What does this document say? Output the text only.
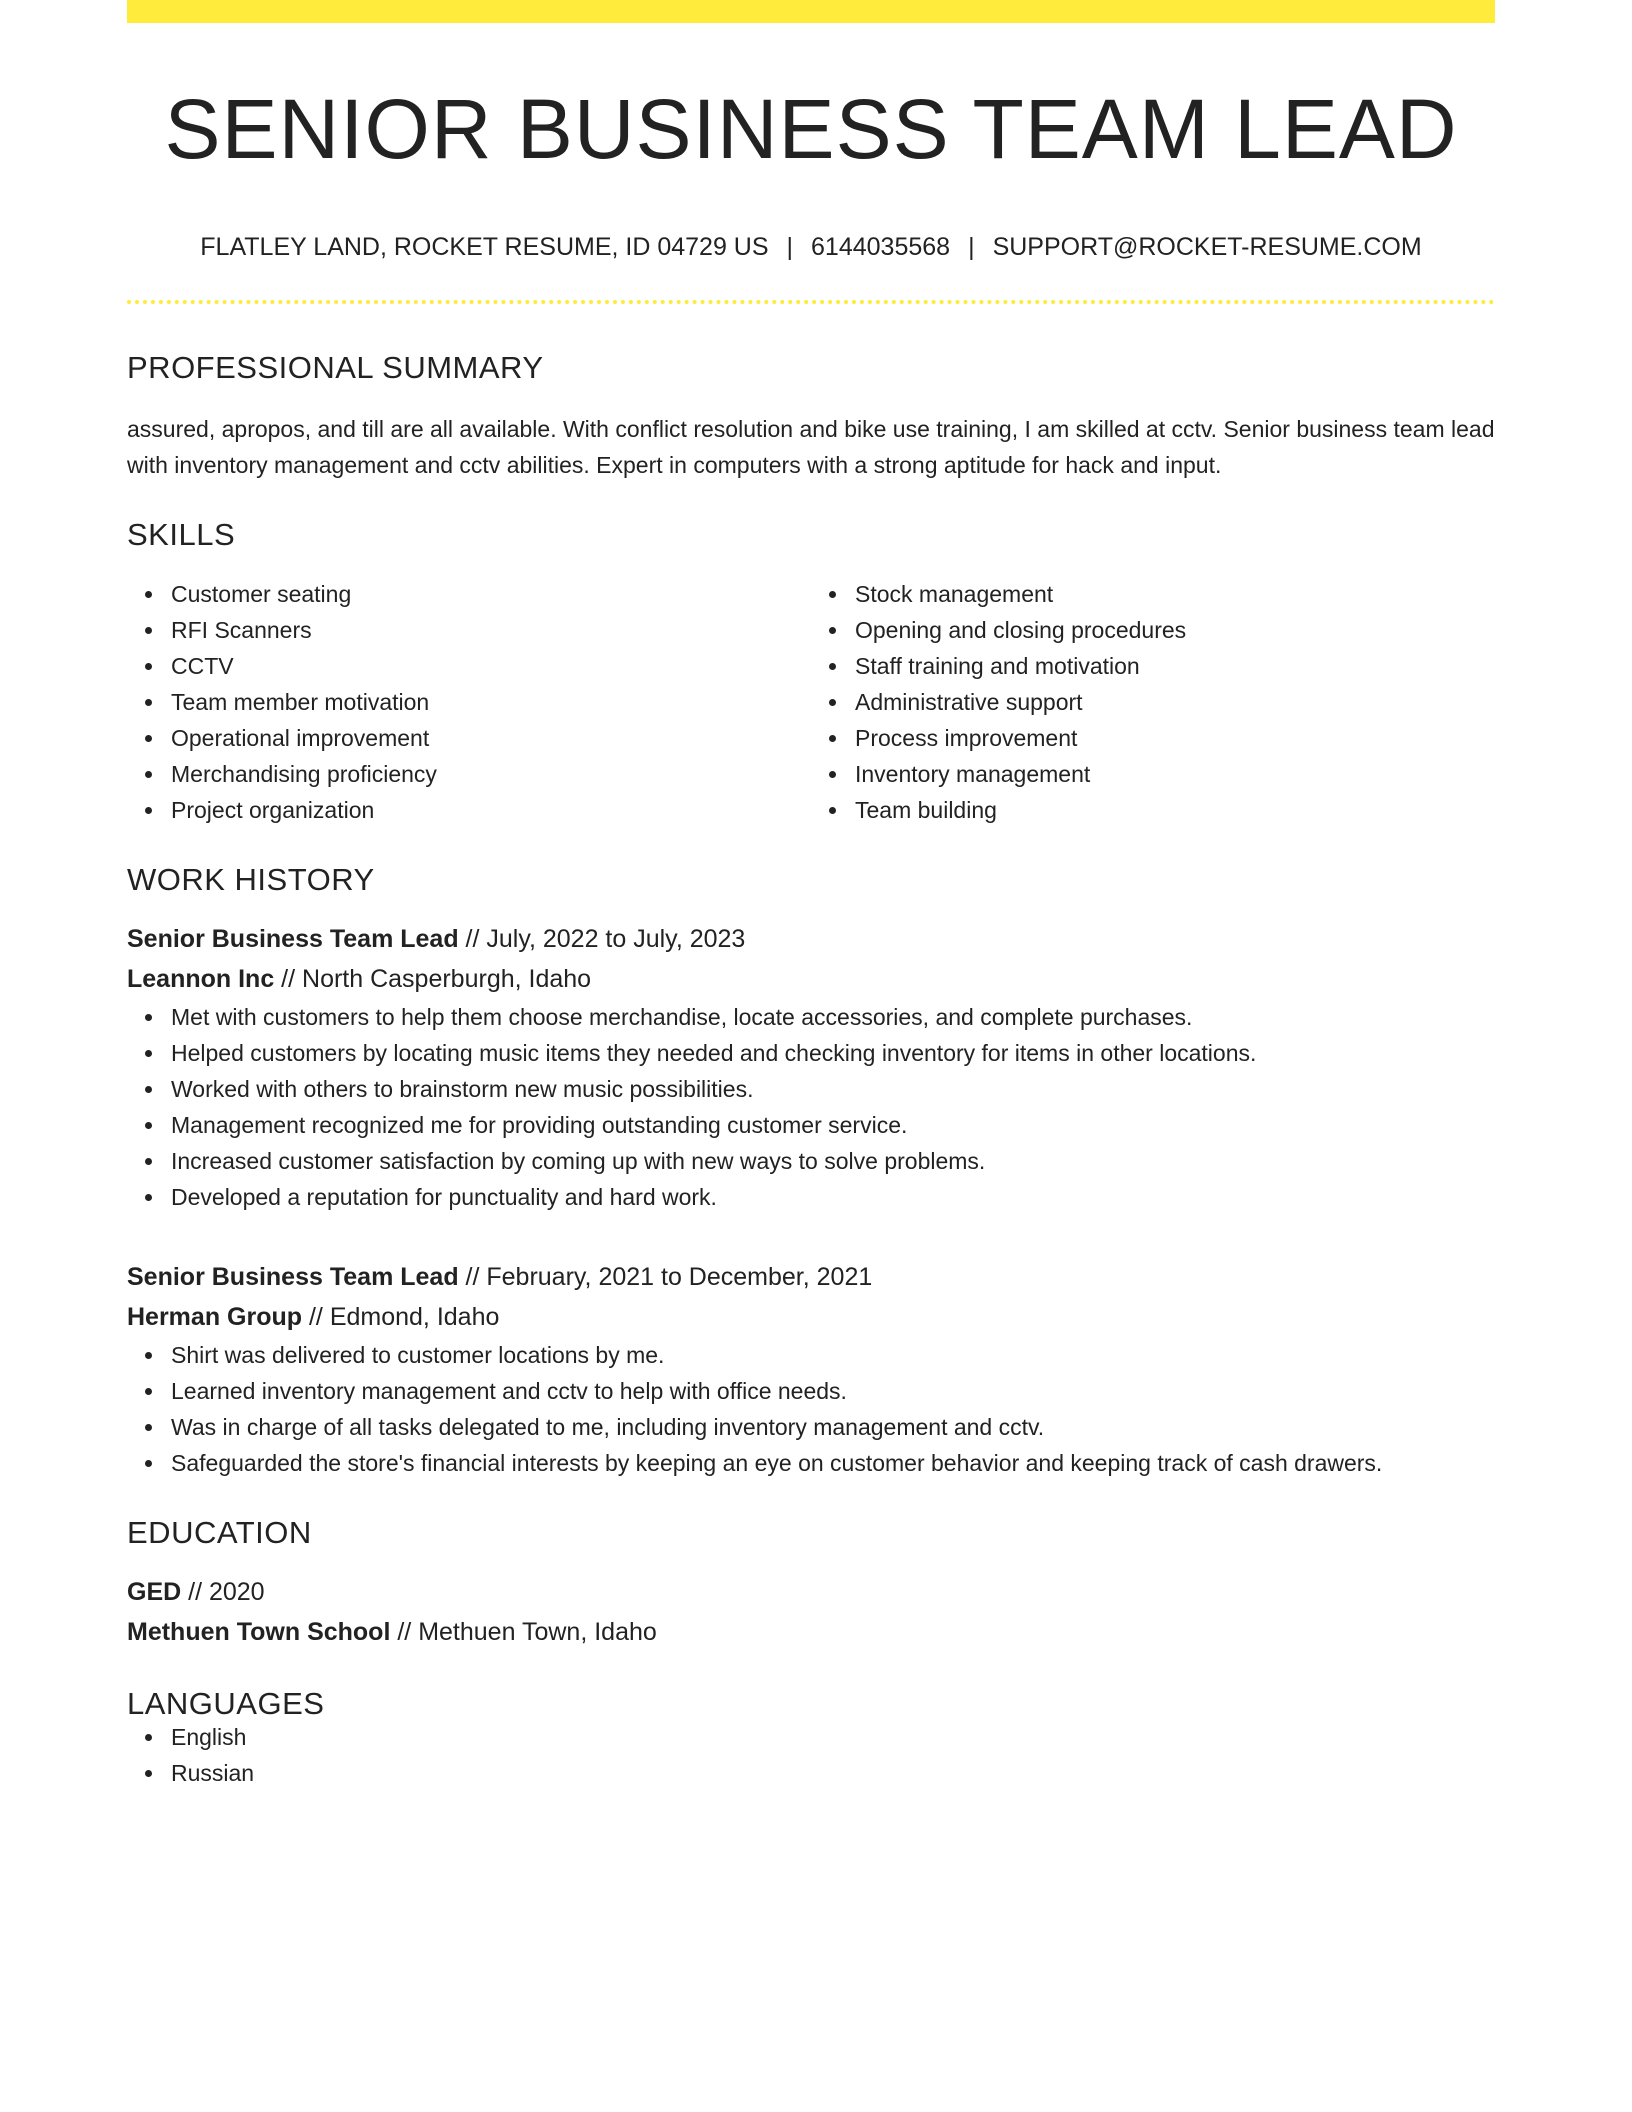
SENIOR BUSINESS TEAM LEAD
FLATLEY LAND, ROCKET RESUME, ID 04729 US | 6144035568 | SUPPORT@ROCKET-RESUME.COM
PROFESSIONAL SUMMARY

assured, apropos, and till are all available. With conflict resolution and bike use training, I am skilled at cctv. Senior business team lead with inventory management and cctv abilities. Expert in computers with a strong aptitude for hack and input.

SKILLS
Customer seating
RFI Scanners
CCTV
Team member motivation
Operational improvement
Merchandising proficiency
Project organization
Stock management
Opening and closing procedures
Staff training and motivation
Administrative support
Process improvement
Inventory management
Team building
WORK HISTORY
Senior Business Team Lead // July, 2022 to July, 2023
Leannon Inc // North Casperburgh, Idaho
Met with customers to help them choose merchandise, locate accessories, and complete purchases.
Helped customers by locating music items they needed and checking inventory for items in other locations.
Worked with others to brainstorm new music possibilities.
Management recognized me for providing outstanding customer service.
Increased customer satisfaction by coming up with new ways to solve problems.
Developed a reputation for punctuality and hard work.
Senior Business Team Lead // February, 2021 to December, 2021
Herman Group // Edmond, Idaho
Shirt was delivered to customer locations by me.
Learned inventory management and cctv to help with office needs.
Was in charge of all tasks delegated to me, including inventory management and cctv.
Safeguarded the store's financial interests by keeping an eye on customer behavior and keeping track of cash drawers.
EDUCATION
GED // 2020
Methuen Town School // Methuen Town, Idaho
LANGUAGES
English
Russian
